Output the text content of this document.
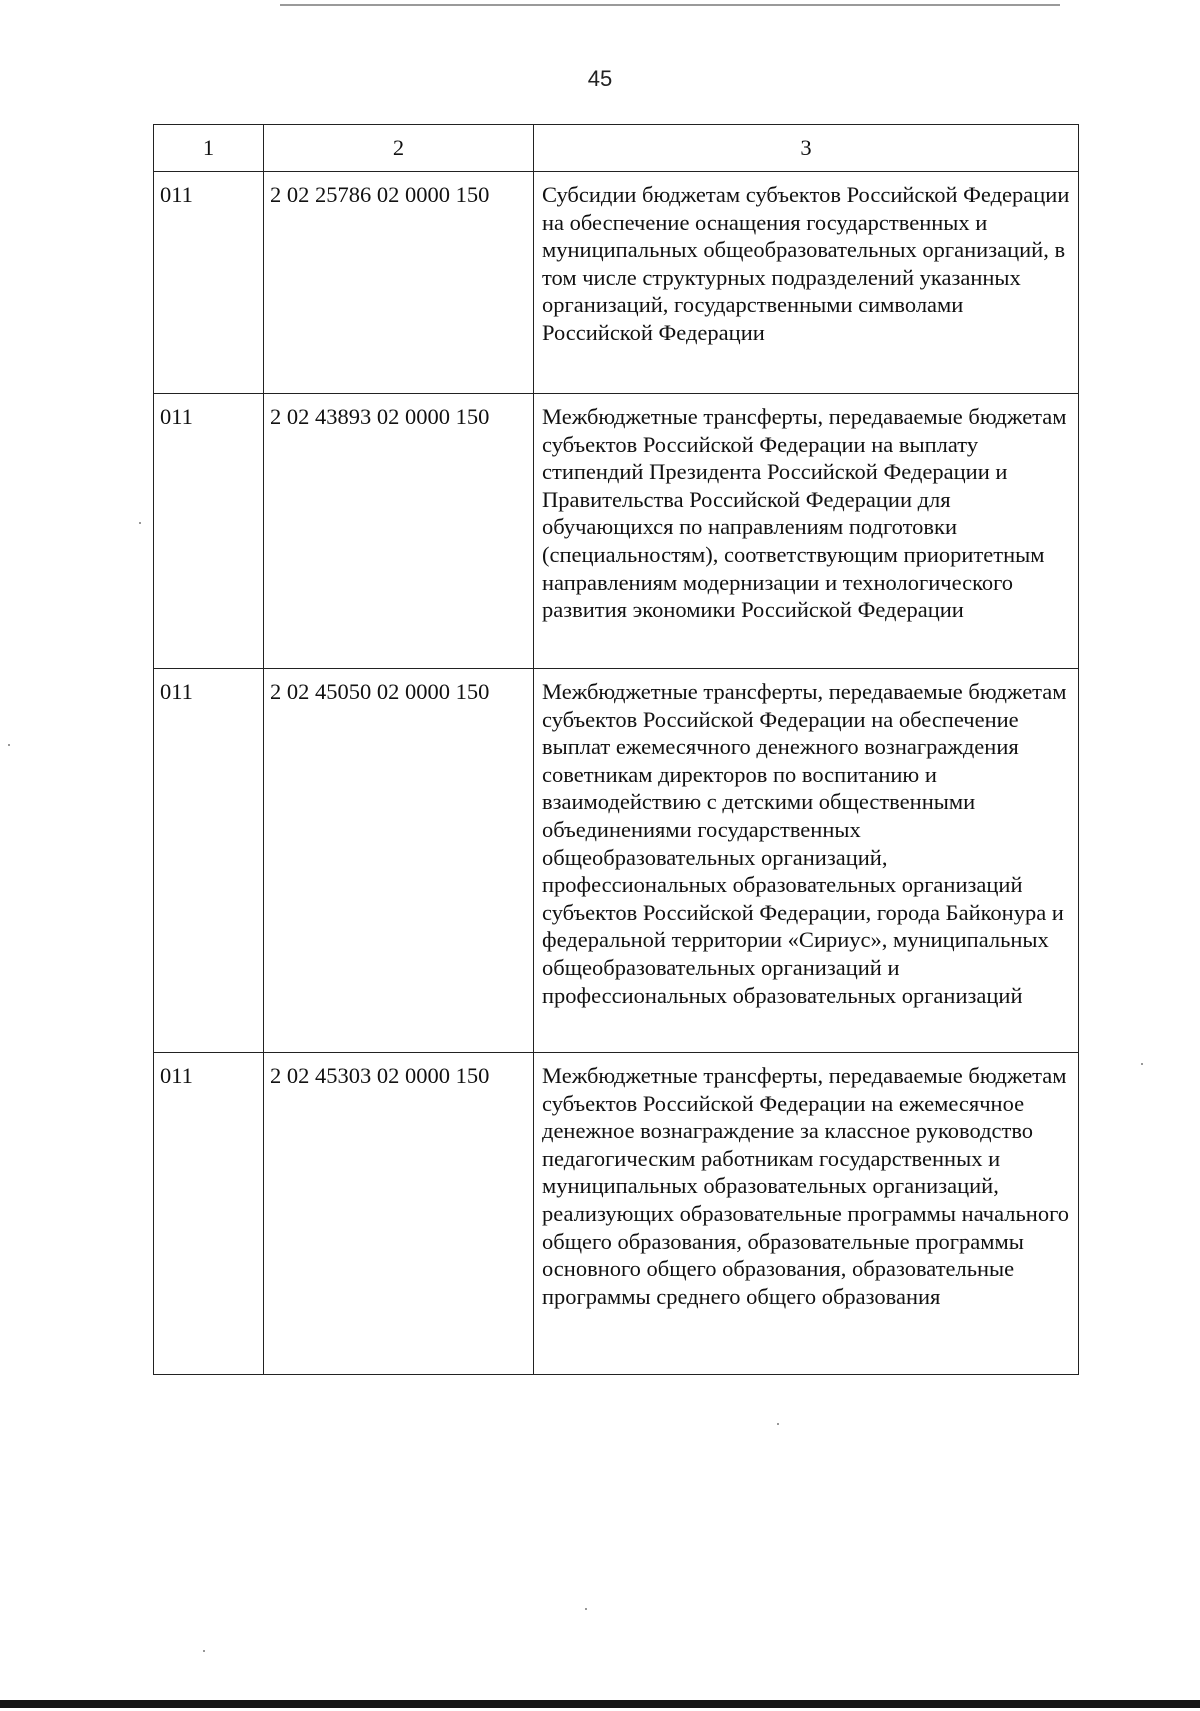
45
1	2	3
011	2 02 25786 02 0000 150	Субсидии бюджетам субъектов Российской Федерации на обеспечение оснащения государственных и муниципальных общеобразовательных организаций, в том числе структурных подразделений указанных организаций, государственными символами Российской Федерации
011	2 02 43893 02 0000 150	Межбюджетные трансферты, передаваемые бюджетам субъектов Российской Федерации на выплату стипендий Президента Российской Федерации и Правительства Российской Федерации для обучающихся по направлениям подготовки (специальностям), соответствующим приоритетным направлениям модернизации и технологического развития экономики Российской Федерации
011	2 02 45050 02 0000 150	Межбюджетные трансферты, передаваемые бюджетам субъектов Российской Федерации на обеспечение выплат ежемесячного денежного вознаграждения советникам директоров по воспитанию и взаимодействию с детскими общественными объединениями государственных общеобразовательных организаций, профессиональных образовательных организаций субъектов Российской Федерации, города Байконура и федеральной территории «Сириус», муниципальных общеобразовательных организаций и профессиональных образовательных организаций
011	2 02 45303 02 0000 150	Межбюджетные трансферты, передаваемые бюджетам субъектов Российской Федерации на ежемесячное денежное вознаграждение за классное руководство педагогическим работникам государственных и муниципальных образовательных организаций, реализующих образовательные программы начального общего образования, образовательные программы основного общего образования, образовательные программы среднего общего образования
